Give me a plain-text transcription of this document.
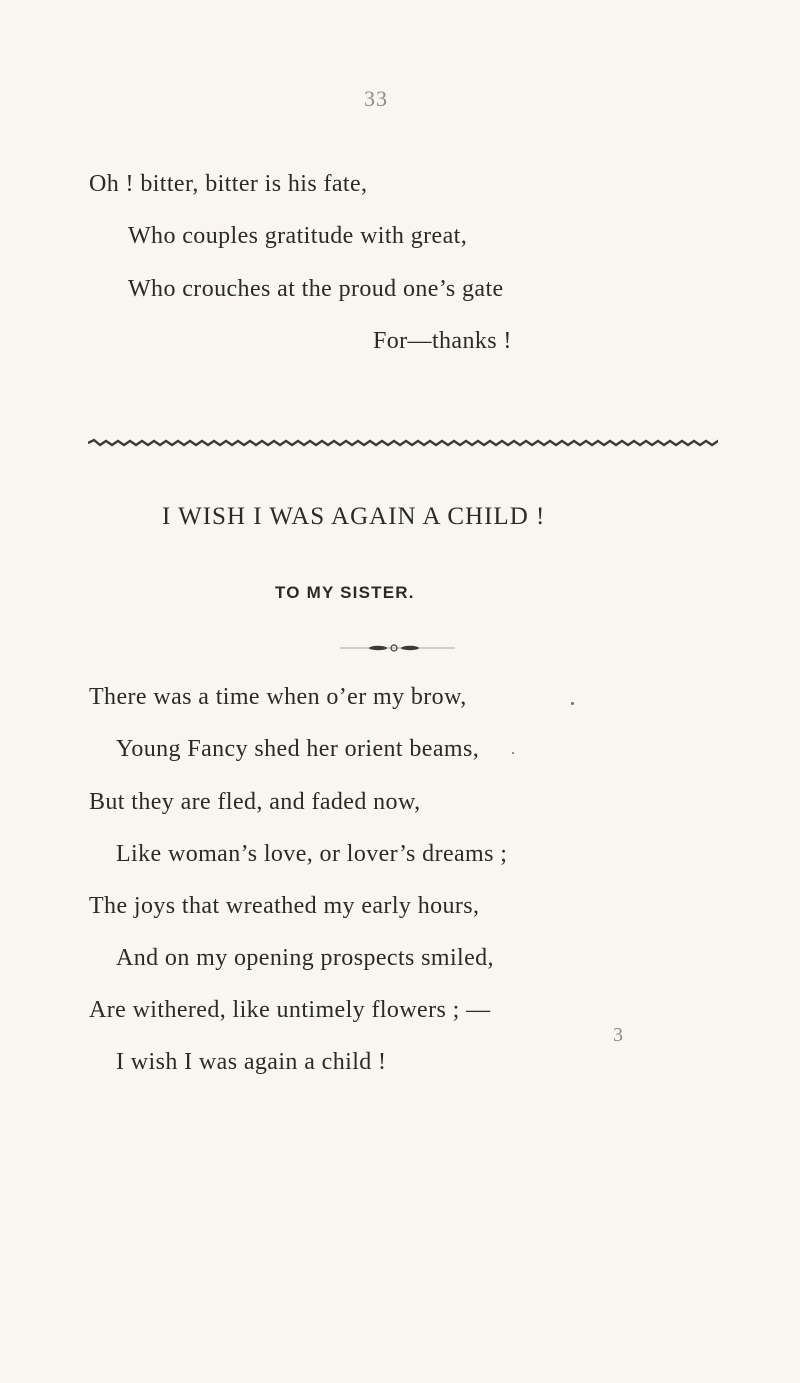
33
Oh ! bitter, bitter is his fate,
Who couples gratitude with great,
Who crouches at the proud one’s gate
For—thanks !
I WISH I WAS AGAIN A CHILD !
TO MY SISTER.
There was a time when o’er my brow,
Young Fancy shed her orient beams,
But they are fled, and faded now,
Like woman’s love, or lover’s dreams ;
The joys that wreathed my early hours,
And on my opening prospects smiled,
Are withered, like untimely flowers ; —
I wish I was again a child !
3
